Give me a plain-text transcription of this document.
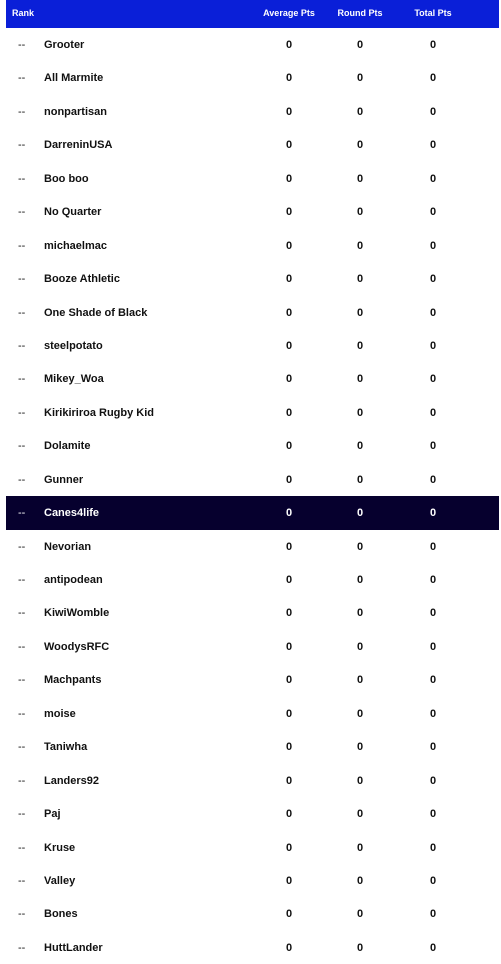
Rank	Average Pts	Round Pts	Total Pts
-- Grooter	0	0	0
-- All Marmite	0	0	0
-- nonpartisan	0	0	0
-- DarreninUSA	0	0	0
-- Boo boo	0	0	0
-- No Quarter	0	0	0
-- michaelmac	0	0	0
-- Booze Athletic	0	0	0
-- One Shade of Black	0	0	0
-- steelpotato	0	0	0
-- Mikey_Woa	0	0	0
-- Kirikiriroa Rugby Kid	0	0	0
-- Dolamite	0	0	0
-- Gunner	0	0	0
-- Canes4life	0	0	0
-- Nevorian	0	0	0
-- antipodean	0	0	0
-- KiwiWomble	0	0	0
-- WoodysRFC	0	0	0
-- Machpants	0	0	0
-- moise	0	0	0
-- Taniwha	0	0	0
-- Landers92	0	0	0
-- Paj	0	0	0
-- Kruse	0	0	0
-- Valley	0	0	0
-- Bones	0	0	0
-- HuttLander	0	0	0
